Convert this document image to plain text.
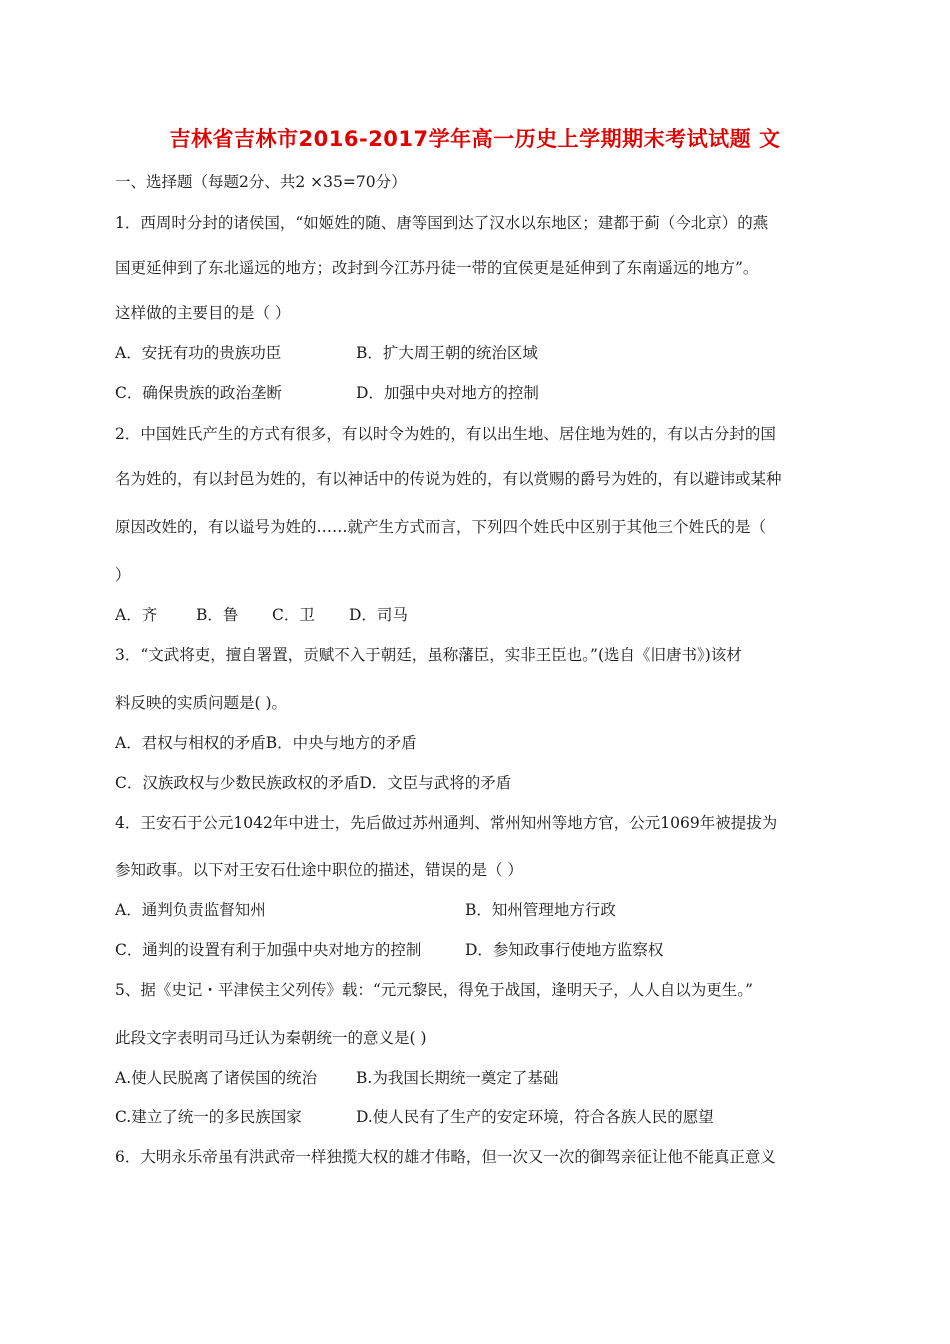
吉林省吉林市2016-2017学年高一历史上学期期末考试试题 文
一、选择题（每题2分、共2 ×35=70分）
1．西周时分封的诸侯国，“如姬姓的随、唐等国到达了汉水以东地区；建都于蓟（今北京）的燕
国更延伸到了东北遥远的地方；改封到今江苏丹徒一带的宜侯更是延伸到了东南遥远的地方”。
这样做的主要目的是（ ）
A．安抚有功的贵族功臣	B．扩大周王朝的统治区域
C．确保贵族的政治垄断	D．加强中央对地方的控制
2．中国姓氏产生的方式有很多，有以时令为姓的，有以出生地、居住地为姓的，有以古分封的国
名为姓的，有以封邑为姓的，有以神话中的传说为姓的，有以赏赐的爵号为姓的，有以避讳或某种
原因改姓的，有以谥号为姓的……就产生方式而言，下列四个姓氏中区别于其他三个姓氏的是（
）
A．齐	B．鲁 C．卫 D．司马
3．“文武将吏，擅自署置，贡赋不入于朝廷，虽称藩臣，实非王臣也。”(选自《旧唐书》)该材
料反映的实质问题是( )。
A．君权与相权的矛盾B．中央与地方的矛盾
C．汉族政权与少数民族政权的矛盾D．文臣与武将的矛盾
4．王安石于公元1042年中进士，先后做过苏州通判、常州知州等地方官，公元1069年被提拔为
参知政事。以下对王安石仕途中职位的描述，错误的是（ ）
A．通判负责监督知州	B．知州管理地方行政
C．通判的设置有利于加强中央对地方的控制	D．参知政事行使地方监察权
5、据《史记・平津侯主父列传》载：“元元黎民，得免于战国，逢明天子，人人自以为更生。”
此段文字表明司马迁认为秦朝统一的意义是( )
A.使人民脱离了诸侯国的统治	B.为我国长期统一奠定了基础
C.建立了统一的多民族国家	D.使人民有了生产的安定环境，符合各族人民的愿望
6．大明永乐帝虽有洪武帝一样独揽大权的雄才伟略，但一次又一次的御驾亲征让他不能真正意义
